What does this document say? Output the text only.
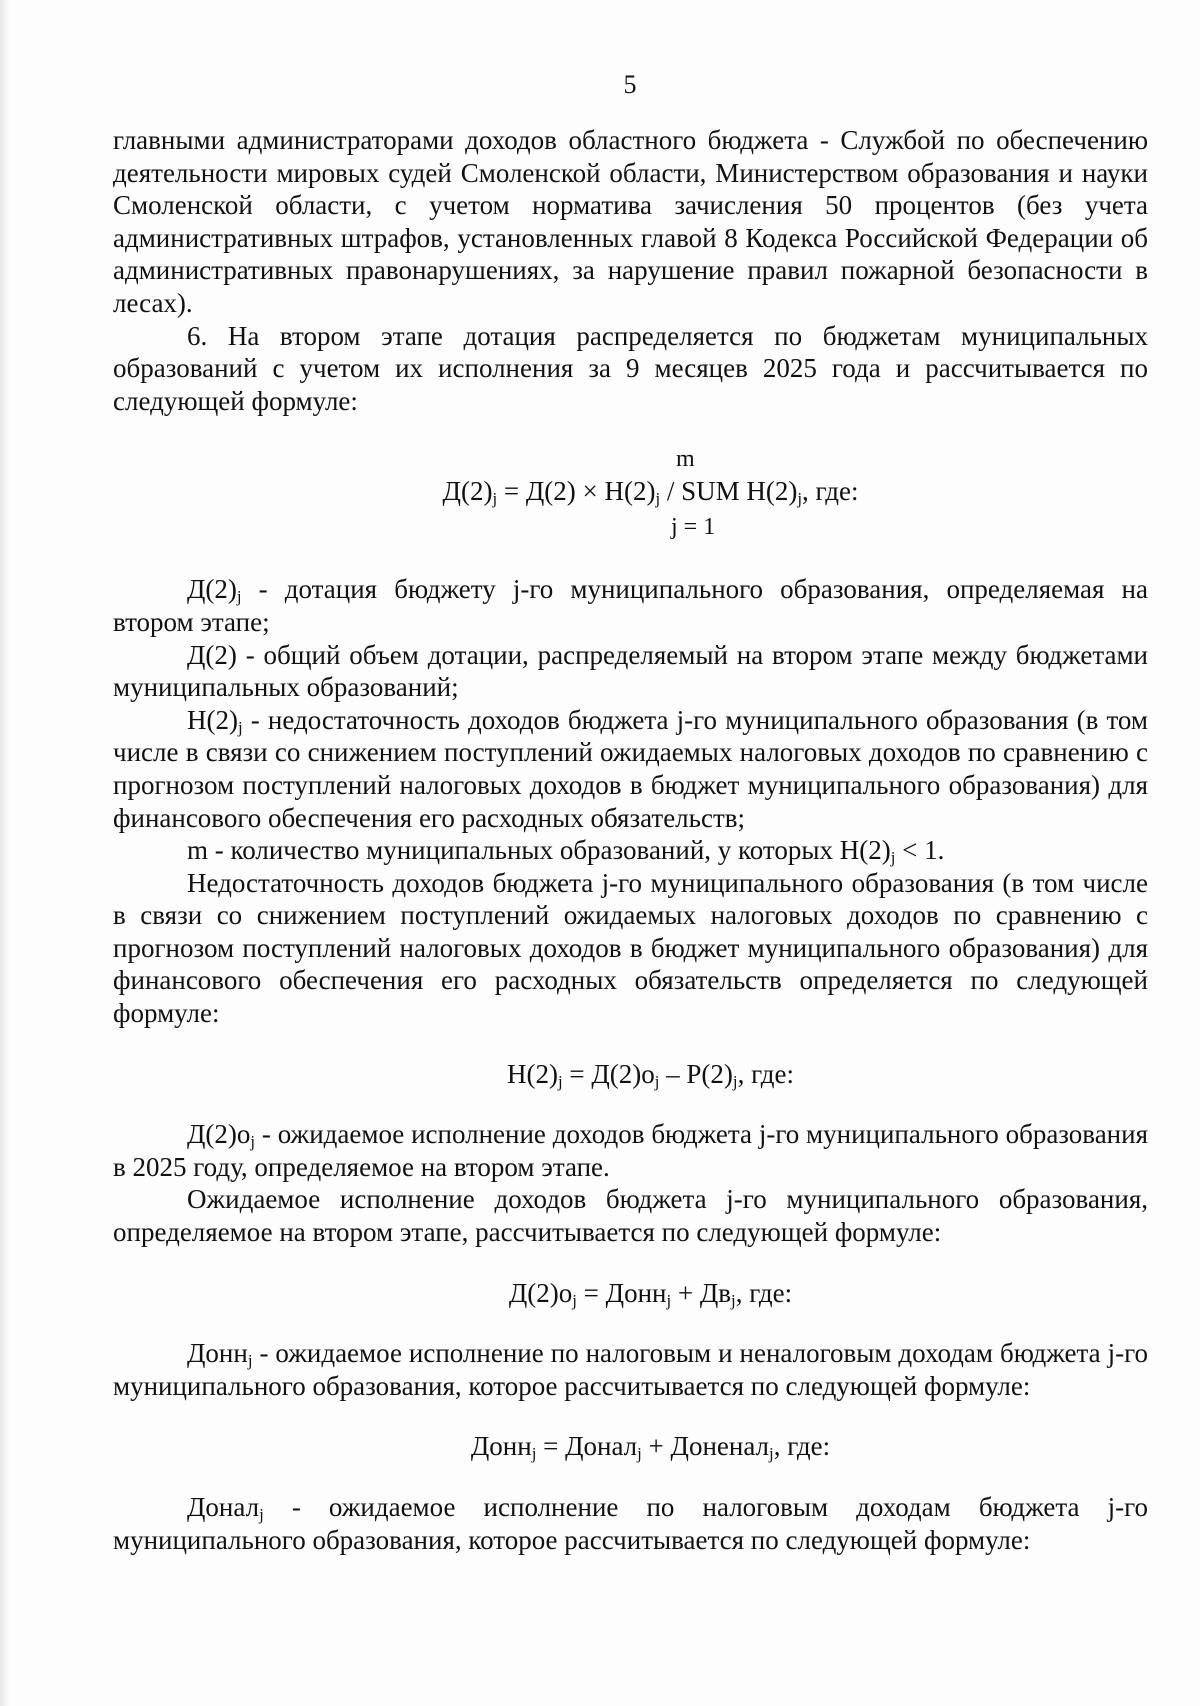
5

главными администраторами доходов областного бюджета - Службой по обеспечению деятельности мировых судей Смоленской области, Министерством образования и науки Смоленской области, с учетом норматива зачисления 50 процентов (без учета административных штрафов, установленных главой 8 Кодекса Российской Федерации об административных правонарушениях, за нарушение правил пожарной безопасности в лесах).

6. На втором этапе дотация распределяется по бюджетам муниципальных образований с учетом их исполнения за 9 месяцев 2025 года и рассчитывается по следующей формуле:

m
$Д(2)_j = Д(2) \times Н(2)_j$ / SUM $Н(2)_j$, где:
j = 1

$Д(2)_j$ - дотация бюджету j-го муниципального образования, определяемая на втором этапе;

Д(2) - общий объем дотации, распределяемый на втором этапе между бюджетами муниципальных образований;

$Н(2)_j$ - недостаточность доходов бюджета j-го муниципального образования (в том числе в связи со снижением поступлений ожидаемых налоговых доходов по сравнению с прогнозом поступлений налоговых доходов в бюджет муниципального образования) для финансового обеспечения его расходных обязательств;

m - количество муниципальных образований, у которых $Н(2)_j < 1$.

Недостаточность доходов бюджета j-го муниципального образования (в том числе в связи со снижением поступлений ожидаемых налоговых доходов по сравнению с прогнозом поступлений налоговых доходов в бюджет муниципального образования) для финансового обеспечения его расходных обязательств определяется по следующей формуле:

$Н(2)_j = Д(2)о_j - Р(2)_j$, где:

$Д(2)о_j$ - ожидаемое исполнение доходов бюджета j-го муниципального образования в 2025 году, определяемое на втором этапе.

Ожидаемое исполнение доходов бюджета j-го муниципального образования, определяемое на втором этапе, рассчитывается по следующей формуле:

$Д(2)о_j$ = Донн$_j$ + $Дв_j$, где:

Донн$_j$ - ожидаемое исполнение по налоговым и неналоговым доходам бюджета j-го муниципального образования, которое рассчитывается по следующей формуле:

Донн$_j$ = Донал$_j$ + Доненал$_j$, где:

Донал$_j$ - ожидаемое исполнение по налоговым доходам бюджета j-го муниципального образования, которое рассчитывается по следующей формуле:
